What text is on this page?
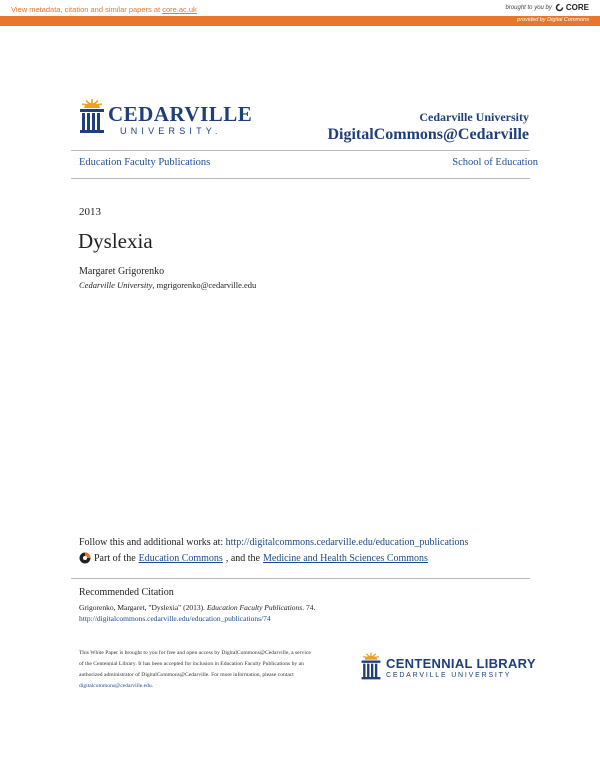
View metadata, citation and similar papers at core.ac.uk	brought to you by CORE
provided by Digital Commons
CEDARVILLE
UNIVERSITY.
Cedarville University
DigitalCommons@Cedarville
Education Faculty Publications	School of Education
2013
Dyslexia
Margaret Grigorenko
Cedarville University, mgrigorenko@cedarville.edu
Follow this and additional works at: http://digitalcommons.cedarville.edu/education_publications
Part of the Education Commons , and the Medicine and Health Sciences Commons
Recommended Citation
Grigorenko, Margaret, "Dyslexia" (2013). Education Faculty Publications. 74.
http://digitalcommons.cedarville.edu/education_publications/74
This White Paper is brought to you for free and open access by DigitalCommons@Cedarville, a service of the Centennial Library. It has been accepted for inclusion in Education Faculty Publications by an authorized administrator of DigitalCommons@Cedarville. For more information, please contact digitalcommons@cedarville.edu.
CENTENNIAL LIBRARY
CEDARVILLE UNIVERSITY
